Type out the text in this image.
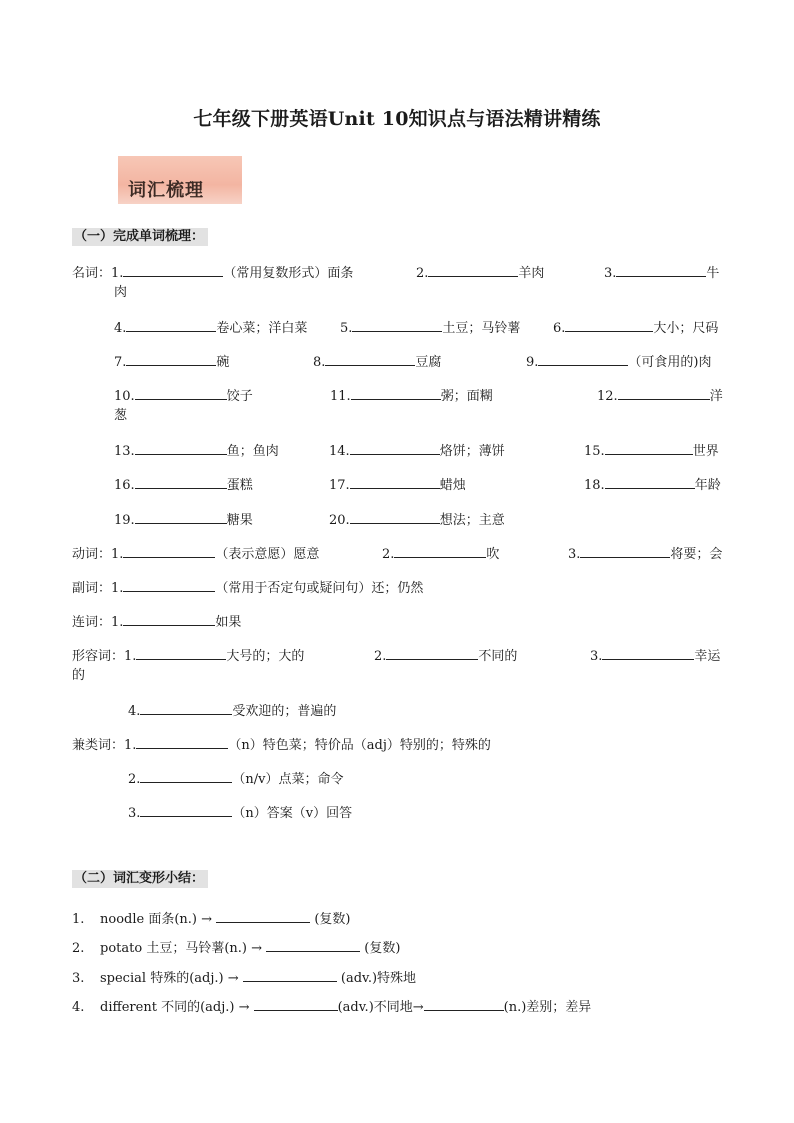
七年级下册英语Unit 10知识点与语法精讲精练
词汇梳理
（一）完成单词梳理：
名词：1.	（常用复数形式）面条	2.	羊肉	3.	牛
肉
4.	卷心菜；洋白菜	5.	土豆；马铃薯	6.	大小；尺码
7.	碗	8.	豆腐	9.	（可食用的)肉
10.	饺子	11.	粥；面糊	12.	洋
葱
13.	鱼；鱼肉	14.	烙饼；薄饼	15.	世界
16.	蛋糕	17.	蜡烛	18.	年龄
19.	糖果	20.	想法；主意
动词：1.	（表示意愿）愿意	2.	吹	3.	将要；会
副词：1.	（常用于否定句或疑问句）还；仍然
连词：1.	如果
形容词：1.	大号的；大的	2.	不同的	3.	幸运
的
4.	受欢迎的；普遍的
兼类词：1.	（n）特色菜；特价品（adj）特别的；特殊的
2.	（n/v）点菜；命令
3.	（n）答案（v）回答
（二）词汇变形小结：
1. noodle 面条(n.) →	(复数)
2. potato 土豆；马铃薯(n.) →	(复数)
3. special 特殊的(adj.) →	(adv.)特殊地
4. different 不同的(adj.) →	(adv.)不同地→	(n.)差别；差异
